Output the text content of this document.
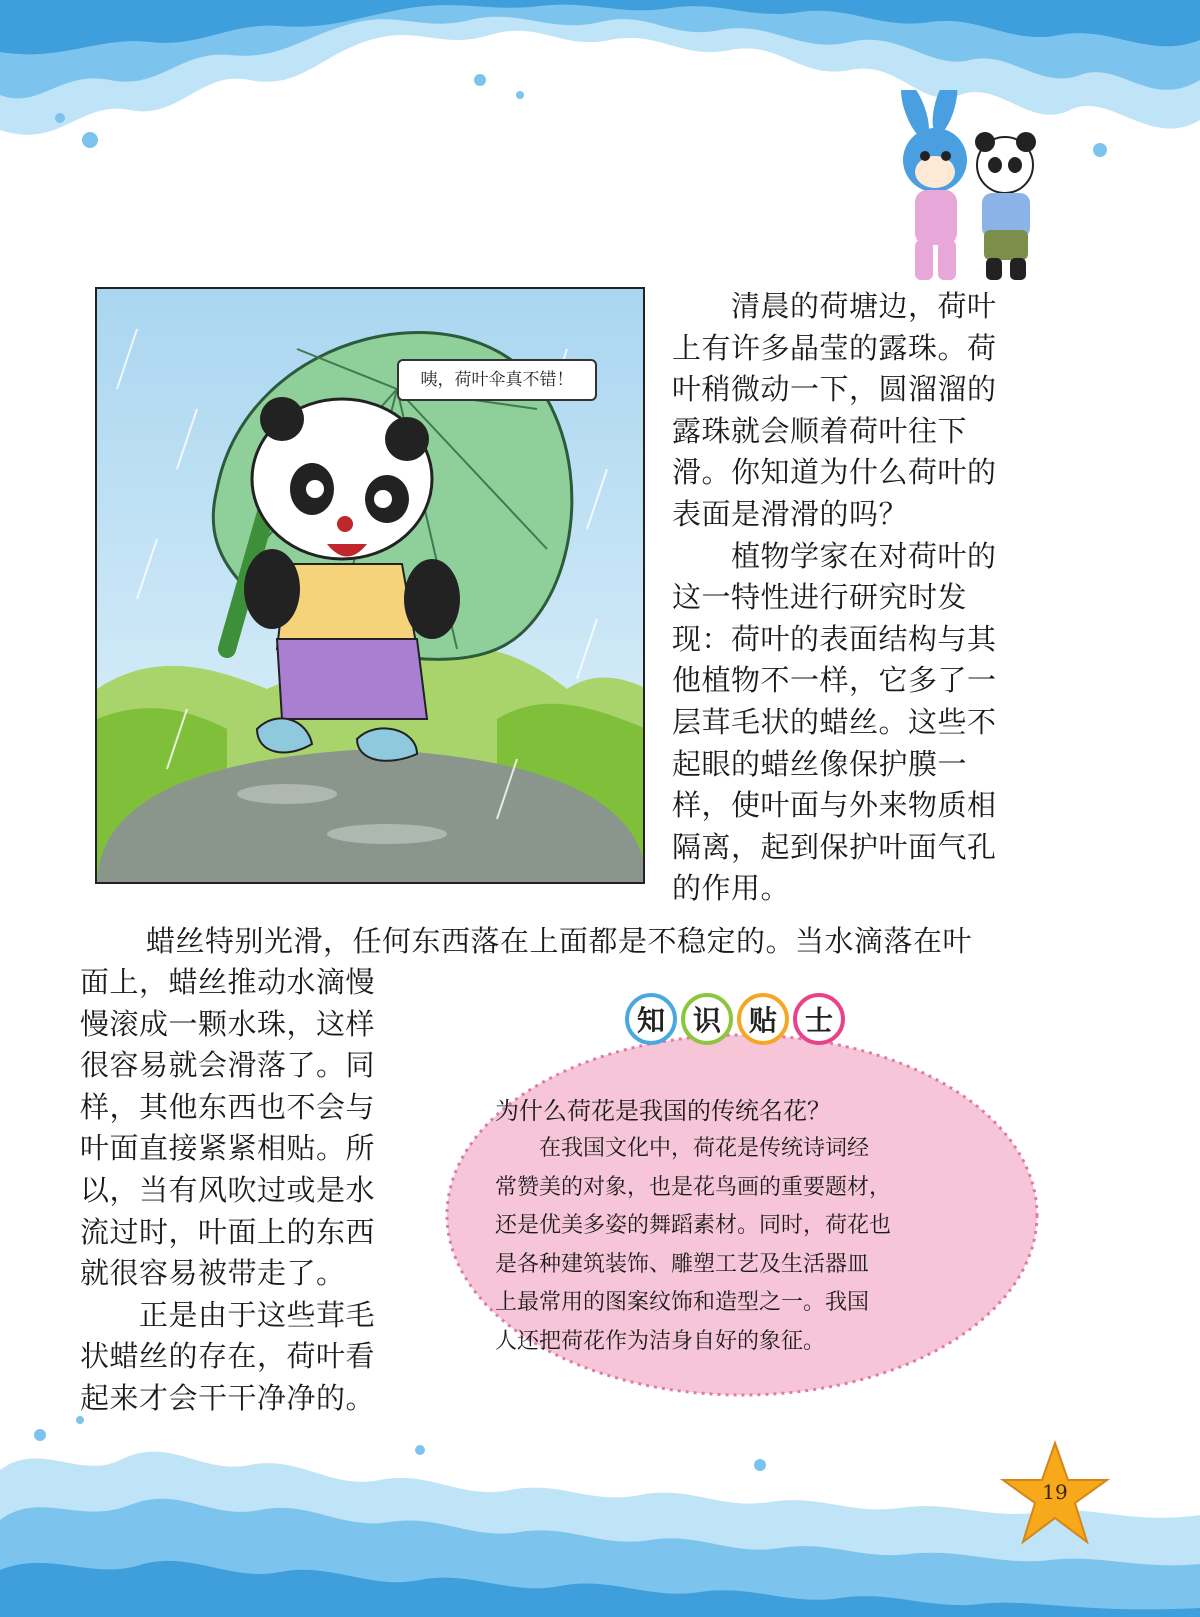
咦，荷叶伞真不错！

　　清晨的荷塘边，荷叶
上有许多晶莹的露珠。荷
叶稍微动一下，圆溜溜的
露珠就会顺着荷叶往下
滑。你知道为什么荷叶的
表面是滑滑的吗？
　　植物学家在对荷叶的
这一特性进行研究时发
现：荷叶的表面结构与其
他植物不一样，它多了一
层茸毛状的蜡丝。这些不
起眼的蜡丝像保护膜一
样，使叶面与外来物质相
隔离，起到保护叶面气孔
的作用。

　　蜡丝特别光滑，任何东西落在上面都是不稳定的。当水滴落在叶

面上，蜡丝推动水滴慢
慢滚成一颗水珠，这样
很容易就会滑落了。同
样，其他东西也不会与
叶面直接紧紧相贴。所
以，当有风吹过或是水
流过时，叶面上的东西
就很容易被带走了。
　　正是由于这些茸毛
状蜡丝的存在，荷叶看
起来才会干干净净的。

知 识 贴 士

为什么荷花是我国的传统名花？

　　在我国文化中，荷花是传统诗词经
常赞美的对象，也是花鸟画的重要题材，
还是优美多姿的舞蹈素材。同时，荷花也
是各种建筑装饰、雕塑工艺及生活器皿
上最常用的图案纹饰和造型之一。我国
人还把荷花作为洁身自好的象征。

19
